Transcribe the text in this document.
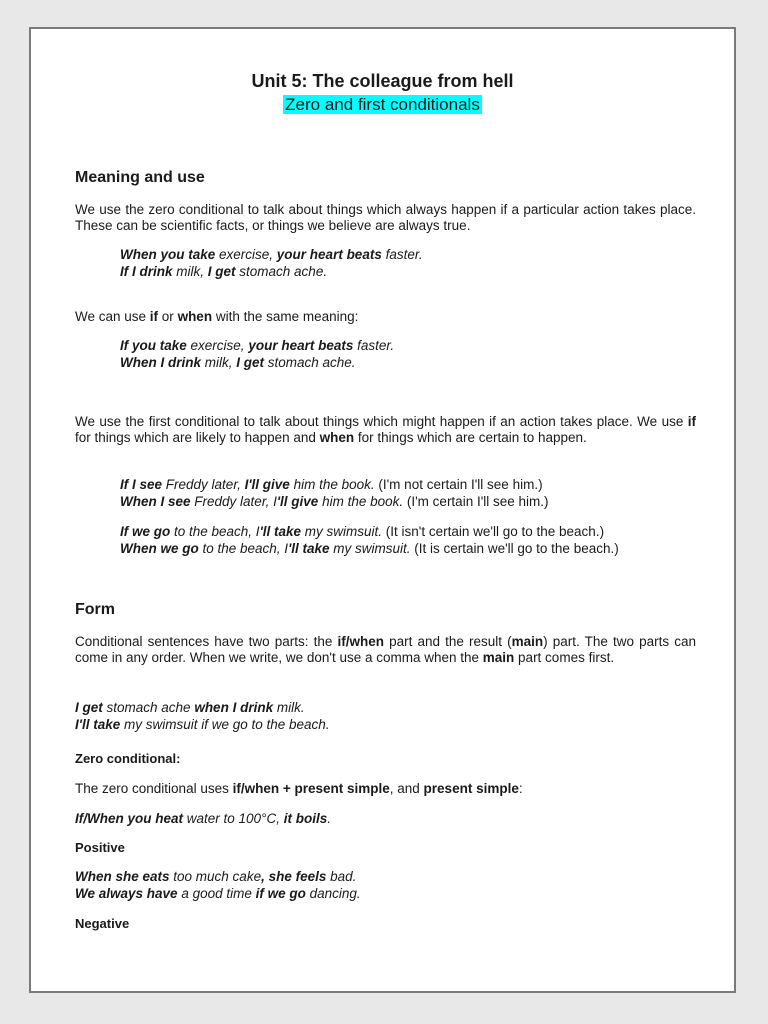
Unit 5: The colleague from hell
Zero and first conditionals
Meaning and use
We use the zero conditional to talk about things which always happen if a particular action takes place. These can be scientific facts, or things we believe are always true.
When you take exercise, your heart beats faster.
If I drink milk, I get stomach ache.
We can use if or when with the same meaning:
If you take exercise, your heart beats faster.
When I drink milk, I get stomach ache.
We use the first conditional to talk about things which might happen if an action takes place. We use if for things which are likely to happen and when for things which are certain to happen.
If I see Freddy later, I'll give him the book. (I'm not certain I'll see him.)
When I see Freddy later, I'll give him the book. (I'm certain I'll see him.)
If we go to the beach, I'll take my swimsuit. (It isn't certain we'll go to the beach.)
When we go to the beach, I'll take my swimsuit. (It is certain we'll go to the beach.)
Form
Conditional sentences have two parts: the if/when part and the result (main) part. The two parts can come in any order. When we write, we don't use a comma when the main part comes first.
I get stomach ache when I drink milk.
I'll take my swimsuit if we go to the beach.
Zero conditional:
The zero conditional uses if/when + present simple, and present simple:
If/When you heat water to 100°C, it boils.
Positive
When she eats too much cake, she feels bad.
We always have a good time if we go dancing.
Negative
